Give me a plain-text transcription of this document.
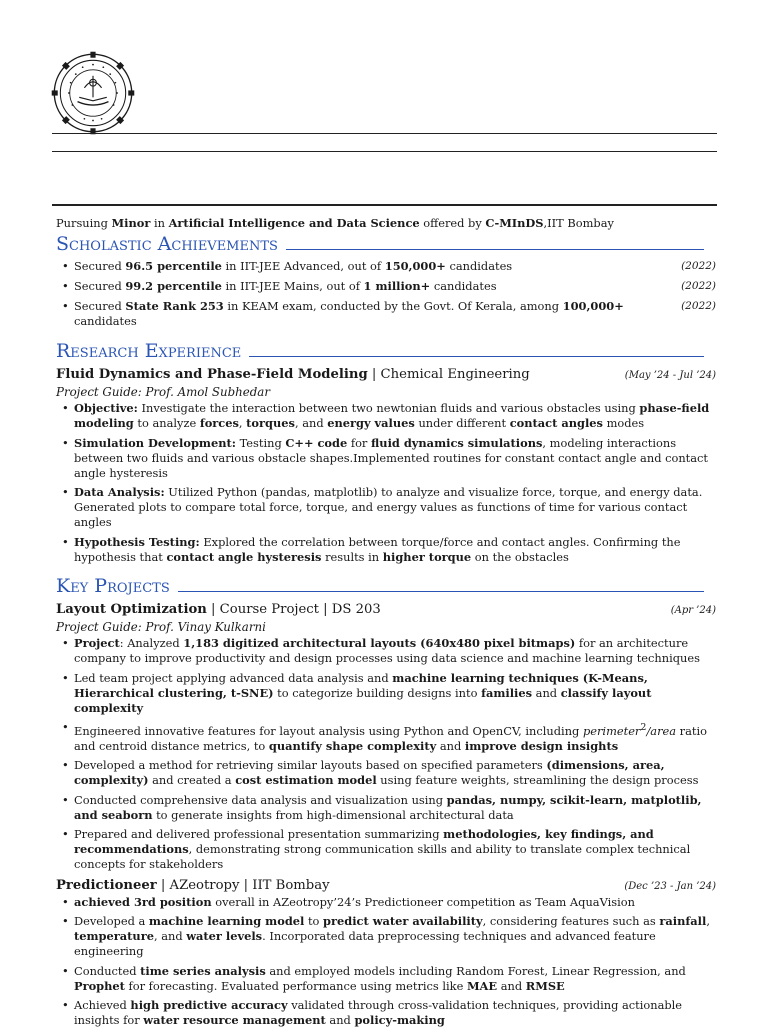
Pursuing Minor in Artificial Intelligence and Data Science offered by C-MInDS,IIT Bombay

Scholastic Achievements
• Secured 96.5 percentile in IIT-JEE Advanced, out of 150,000+ candidates	(2022)
• Secured 99.2 percentile in IIT-JEE Mains, out of 1 million+ candidates	(2022)
• Secured State Rank 253 in KEAM exam, conducted by the Govt. Of Kerala, among 100,000+ candidates
(2022)
Research Experience
Fluid Dynamics and Phase-Field Modeling | Chemical Engineering	(May ’24 - Jul ’24)

Project Guide: Prof. Amol Subhedar

• Objective: Investigate the interaction between two newtonian fluids and various obstacles using phase-field modeling to analyze forces, torques, and energy values under different contact angles modes
• Simulation Development: Testing C++ code for fluid dynamics simulations, modeling interactions between two fluids and various obstacle shapes.Implemented routines for constant contact angle and contact angle hysteresis
• Data Analysis: Utilized Python (pandas, matplotlib) to analyze and visualize force, torque, and energy data. Generated plots to compare total force, torque, and energy values as functions of time for various contact angles
• Hypothesis Testing: Explored the correlation between torque/force and contact angles. Confirming the hypothesis that contact angle hysteresis results in higher torque on the obstacles
Key Projects
Layout Optimization | Course Project | DS 203	(Apr ’24)

Project Guide: Prof. Vinay Kulkarni

• Project: Analyzed 1,183 digitized architectural layouts (640x480 pixel bitmaps) for an architecture company to improve productivity and design processes using data science and machine learning techniques
• Led team project applying advanced data analysis and machine learning techniques (K-Means, Hierarchical clustering, t-SNE) to categorize building designs into families and classify layout complexity
• Engineered innovative features for layout analysis using Python and OpenCV, including perimeter$^2$/area ratio and centroid distance metrics, to quantify shape complexity and improve design insights
• Developed a method for retrieving similar layouts based on specified parameters (dimensions, area, complexity) and created a cost estimation model using feature weights, streamlining the design process
• Conducted comprehensive data analysis and visualization using pandas, numpy, scikit-learn, matplotlib, and seaborn to generate insights from high-dimensional architectural data
• Prepared and delivered professional presentation summarizing methodologies, key findings, and recommendations, demonstrating strong communication skills and ability to translate complex technical concepts for stakeholders
Predictioneer | AZeotropy | IIT Bombay	(Dec ’23 - Jan ’24)
• achieved 3rd position overall in AZeotropy’24’s Predictioneer competition as Team AquaVision
• Developed a machine learning model to predict water availability, considering features such as rainfall, temperature, and water levels. Incorporated data preprocessing techniques and advanced feature engineering
• Conducted time series analysis and employed models including Random Forest, Linear Regression, and Prophet for forecasting. Evaluated performance using metrics like MAE and RMSE
• Achieved high predictive accuracy validated through cross-validation techniques, providing actionable insights for water resource management and policy-making
